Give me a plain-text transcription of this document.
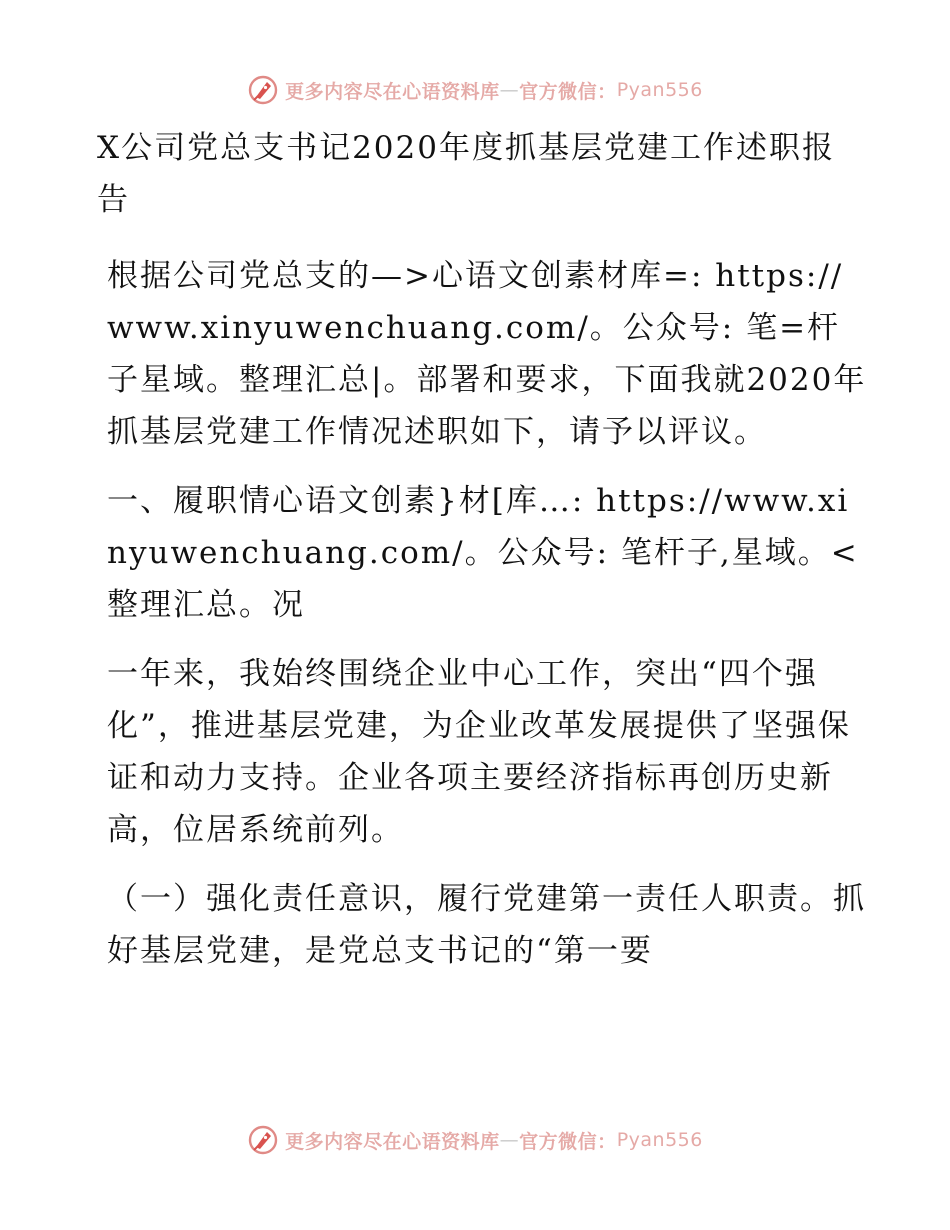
更多内容尽在心语资料库 — 官方微信： Pyan556

X公司党总支书记2020年度抓基层党建工作述职报告

根据公司党总支的—>心语文创素材库=: https://www.xinyuwenchuang.com/。公众号: 笔=杆子星域。整理汇总|。部署和要求，下面我就2020年抓基层党建工作情况述职如下，请予以评议。

一、履职情心语文创素}材[库…: https://www.xinyuwenchuang.com/。公众号: 笔杆子,星域。<整理汇总。况

一年来，我始终围绕企业中心工作，突出“四个强化”，推进基层党建，为企业改革发展提供了坚强保证和动力支持。企业各项主要经济指标再创历史新高，位居系统前列。

（一）强化责任意识，履行党建第一责任人职责。抓好基层党建，是党总支书记的“第一要

更多内容尽在心语资料库 — 官方微信： Pyan556
